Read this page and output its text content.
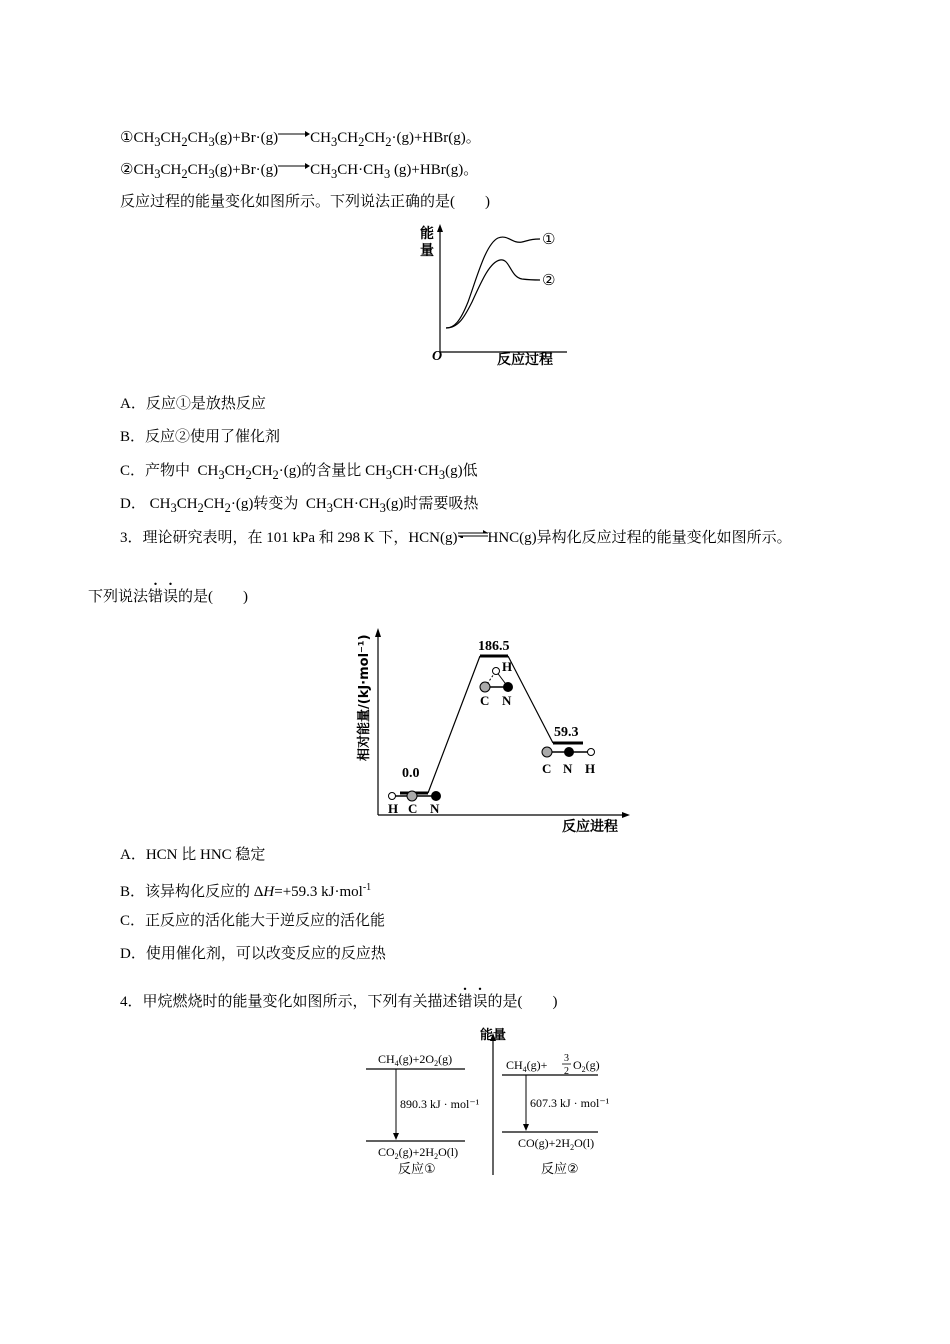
$①CH_3CH_2CH_3(g)+Br\cdot(g)$ $CH_3CH_2CH_2\cdot(g)+HBr(g)$。
$②CH_3CH_2CH_3(g)+Br\cdot(g)$ $CH_3CH\cdot CH_3$ (g)+HBr(g)。
反应过程的能量变化如图所示。下列说法正确的是(　　)
能
量
O	反应过程
①
②
A．反应①是放热反应
B．反应②使用了催化剂
C．产物中  $CH_3CH_2CH_2\cdot(g)$的含量比 $CH_3CH\cdot CH_3(g)$低
D． $CH_3CH_2CH_2\cdot(g)$转变为  $CH_3CH\cdot CH_3(g)$时需要吸热
3．理论研究表明，在 101 kPa 和 298 K 下，HCN(g) HNC(g)异构化反应过程的能量变化如图所示。
下列说法错误的是(　　)
相对能量/(kJ·mol⁻¹)
反应进程
0.0
186.5
59.3
H C N
H
C N
C N H
A．HCN 比 HNC 稳定
B．该异构化反应的 ΔH=+59.3 kJ·mol$^{-1}$
C．正反应的活化能大于逆反应的活化能
D．使用催化剂，可以改变反应的反应热
4．甲烷燃烧时的能量变化如图所示，下列有关描述错误的是(　　)
能量
$CH_4(g)+2O_2(g)$
890.3 kJ · mol⁻¹
$CO_2(g)+2H_2O(l)$
反应①
$CH_4(g)+ 3$
2 $O_2(g)$
607.3 kJ · mol⁻¹
$CO(g)+2H_2O(l)$
反应②
